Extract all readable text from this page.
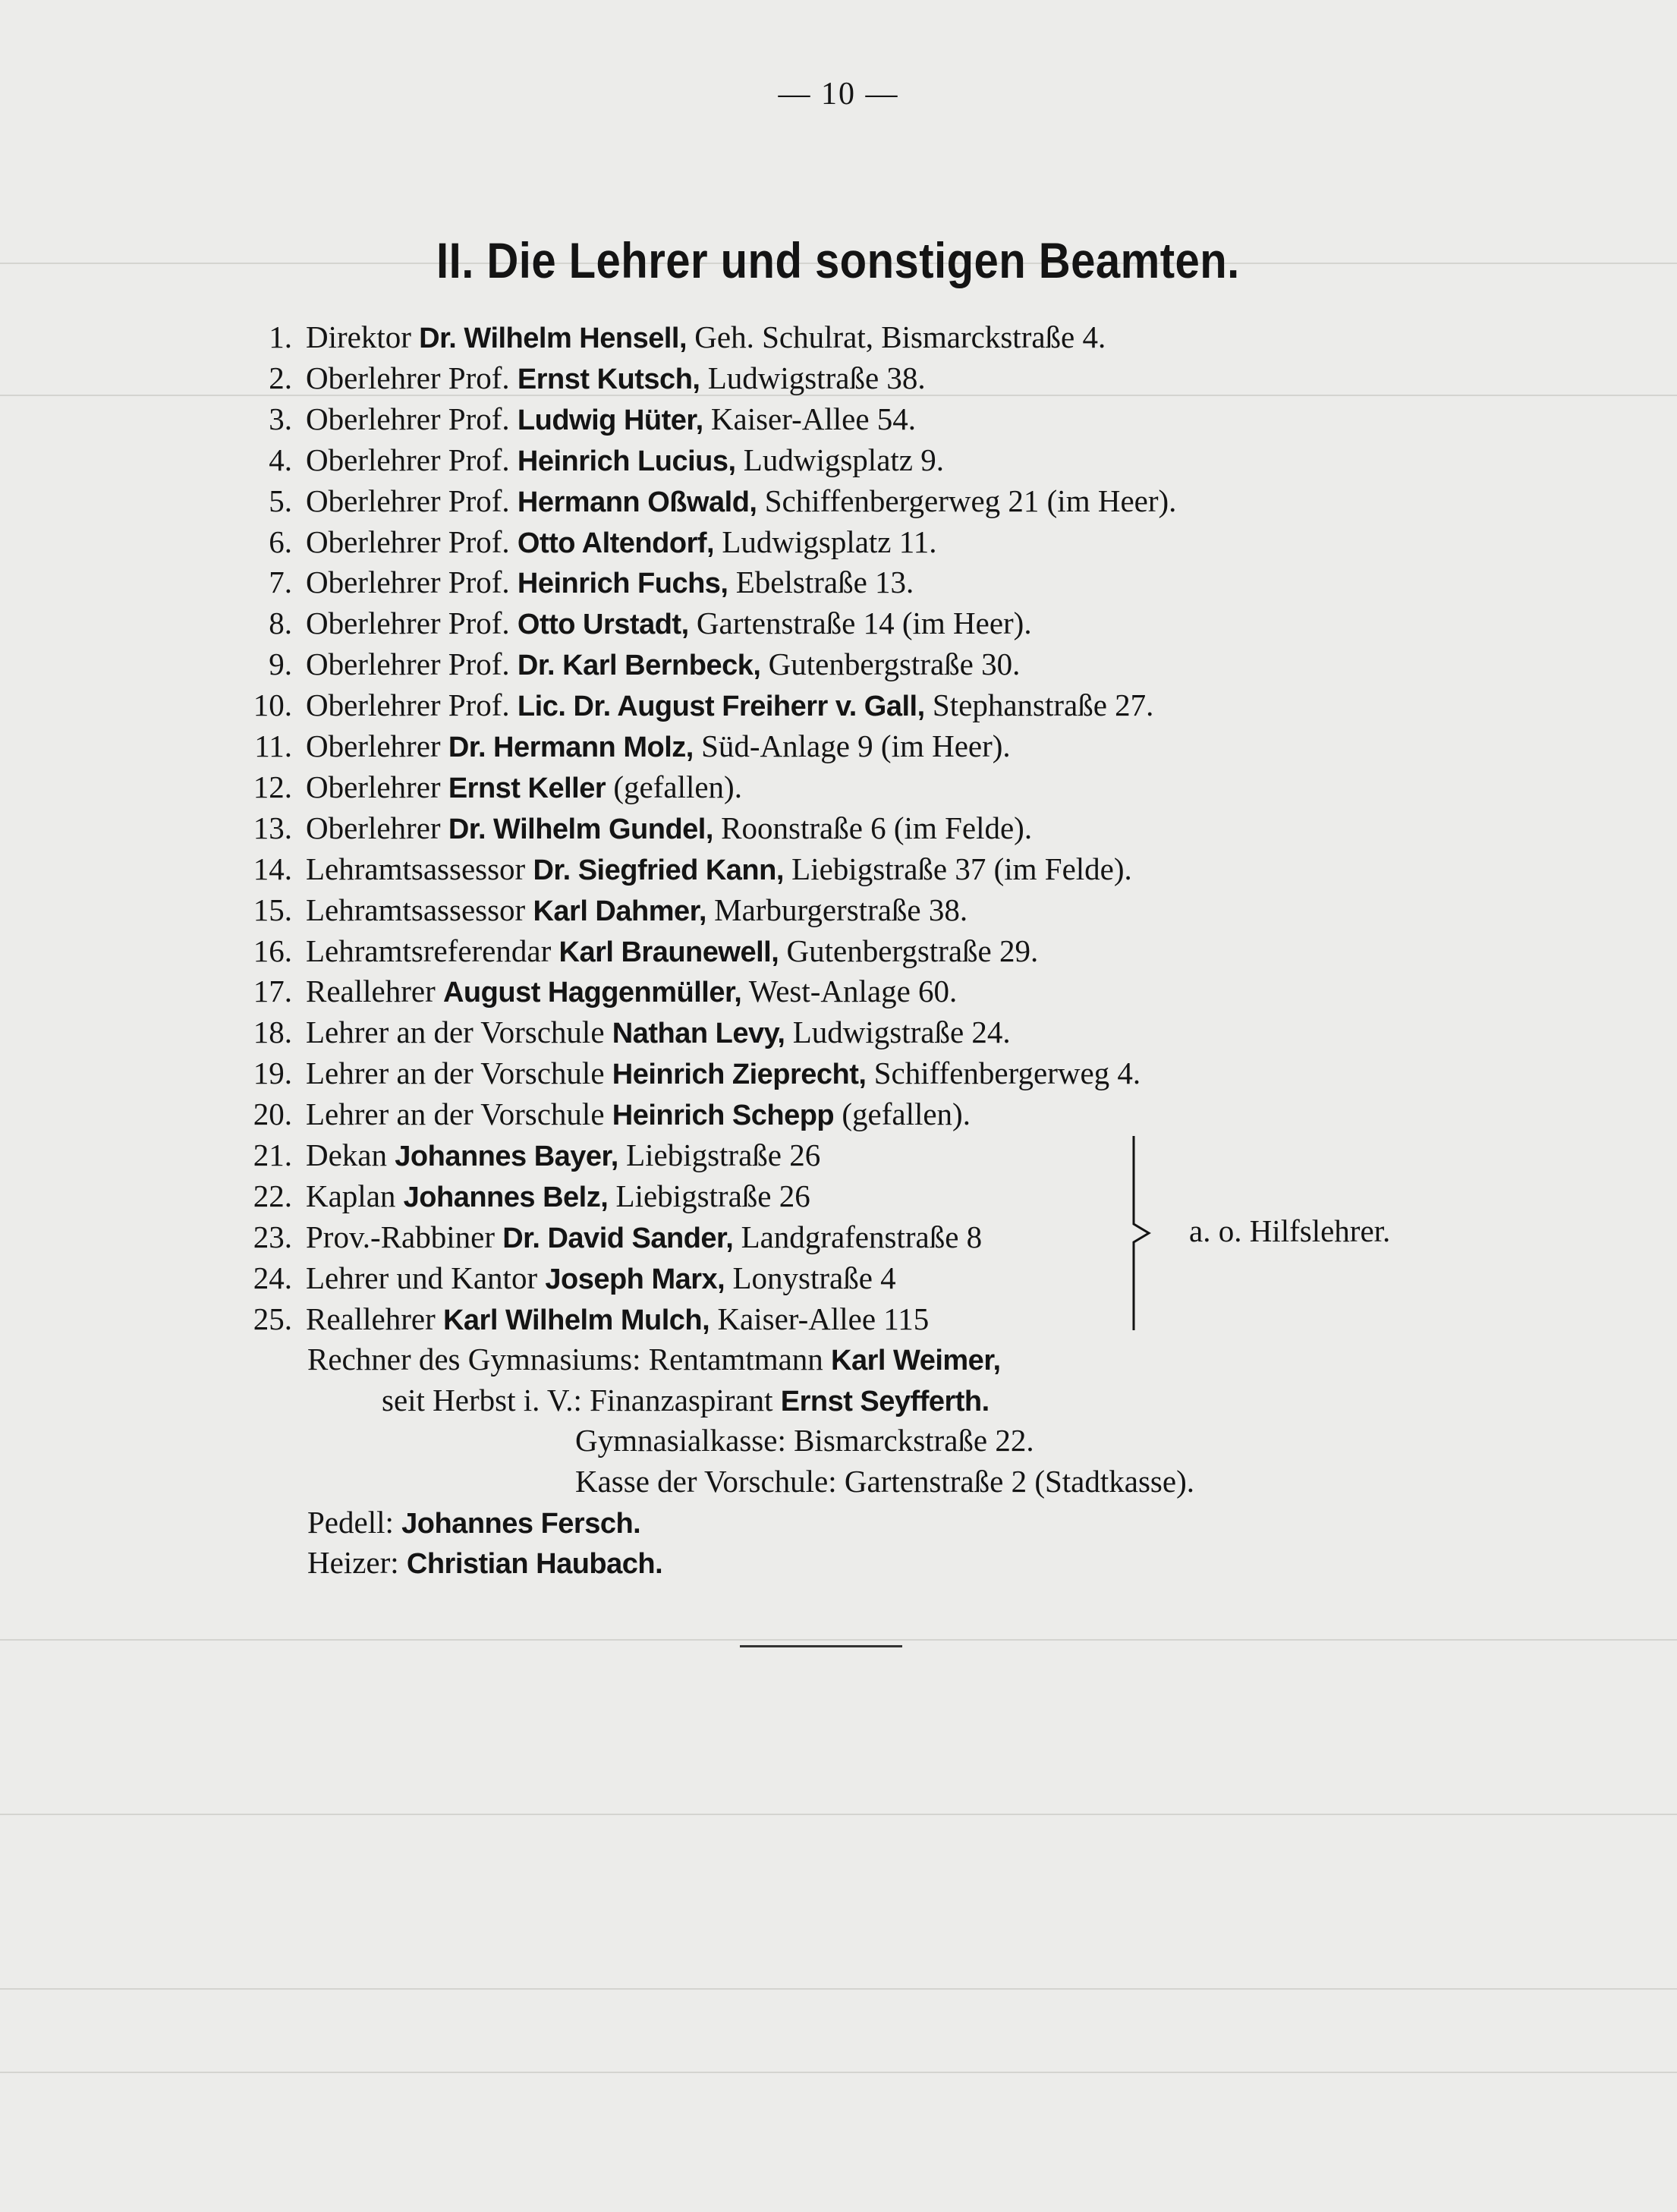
— 10 —
II. Die Lehrer und sonstigen Beamten.
1. Direktor Dr. Wilhelm Hensell, Geh. Schulrat, Bismarckstraße 4.
2. Oberlehrer Prof. Ernst Kutsch, Ludwigstraße 38.
3. Oberlehrer Prof. Ludwig Hüter, Kaiser-Allee 54.
4. Oberlehrer Prof. Heinrich Lucius, Ludwigsplatz 9.
5. Oberlehrer Prof. Hermann Oßwald, Schiffenbergerweg 21 (im Heer).
6. Oberlehrer Prof. Otto Altendorf, Ludwigsplatz 11.
7. Oberlehrer Prof. Heinrich Fuchs, Ebelstraße 13.
8. Oberlehrer Prof. Otto Urstadt, Gartenstraße 14 (im Heer).
9. Oberlehrer Prof. Dr. Karl Bernbeck, Gutenbergstraße 30.
10. Oberlehrer Prof. Lic. Dr. August Freiherr v. Gall, Stephanstraße 27.
11. Oberlehrer Dr. Hermann Molz, Süd-Anlage 9 (im Heer).
12. Oberlehrer Ernst Keller (gefallen).
13. Oberlehrer Dr. Wilhelm Gundel, Roonstraße 6 (im Felde).
14. Lehramtsassessor Dr. Siegfried Kann, Liebigstraße 37 (im Felde).
15. Lehramtsassessor Karl Dahmer, Marburgerstraße 38.
16. Lehramtsreferendar Karl Braunewell, Gutenbergstraße 29.
17. Reallehrer August Haggenmüller, West-Anlage 60.
18. Lehrer an der Vorschule Nathan Levy, Ludwigstraße 24.
19. Lehrer an der Vorschule Heinrich Zieprecht, Schiffenbergerweg 4.
20. Lehrer an der Vorschule Heinrich Schepp (gefallen).
21. Dekan Johannes Bayer, Liebigstraße 26
22. Kaplan Johannes Belz, Liebigstraße 26
23. Prov.-Rabbiner Dr. David Sander, Landgrafenstraße 8
24. Lehrer und Kantor Joseph Marx, Lonystraße 4
25. Reallehrer Karl Wilhelm Mulch, Kaiser-Allee 115
a. o. Hilfslehrer.
Rechner des Gymnasiums: Rentamtmann Karl Weimer,
seit Herbst i. V.: Finanzaspirant Ernst Seyfferth.
Gymnasialkasse: Bismarckstraße 22.
Kasse der Vorschule: Gartenstraße 2 (Stadtkasse).
Pedell: Johannes Fersch.
Heizer: Christian Haubach.
